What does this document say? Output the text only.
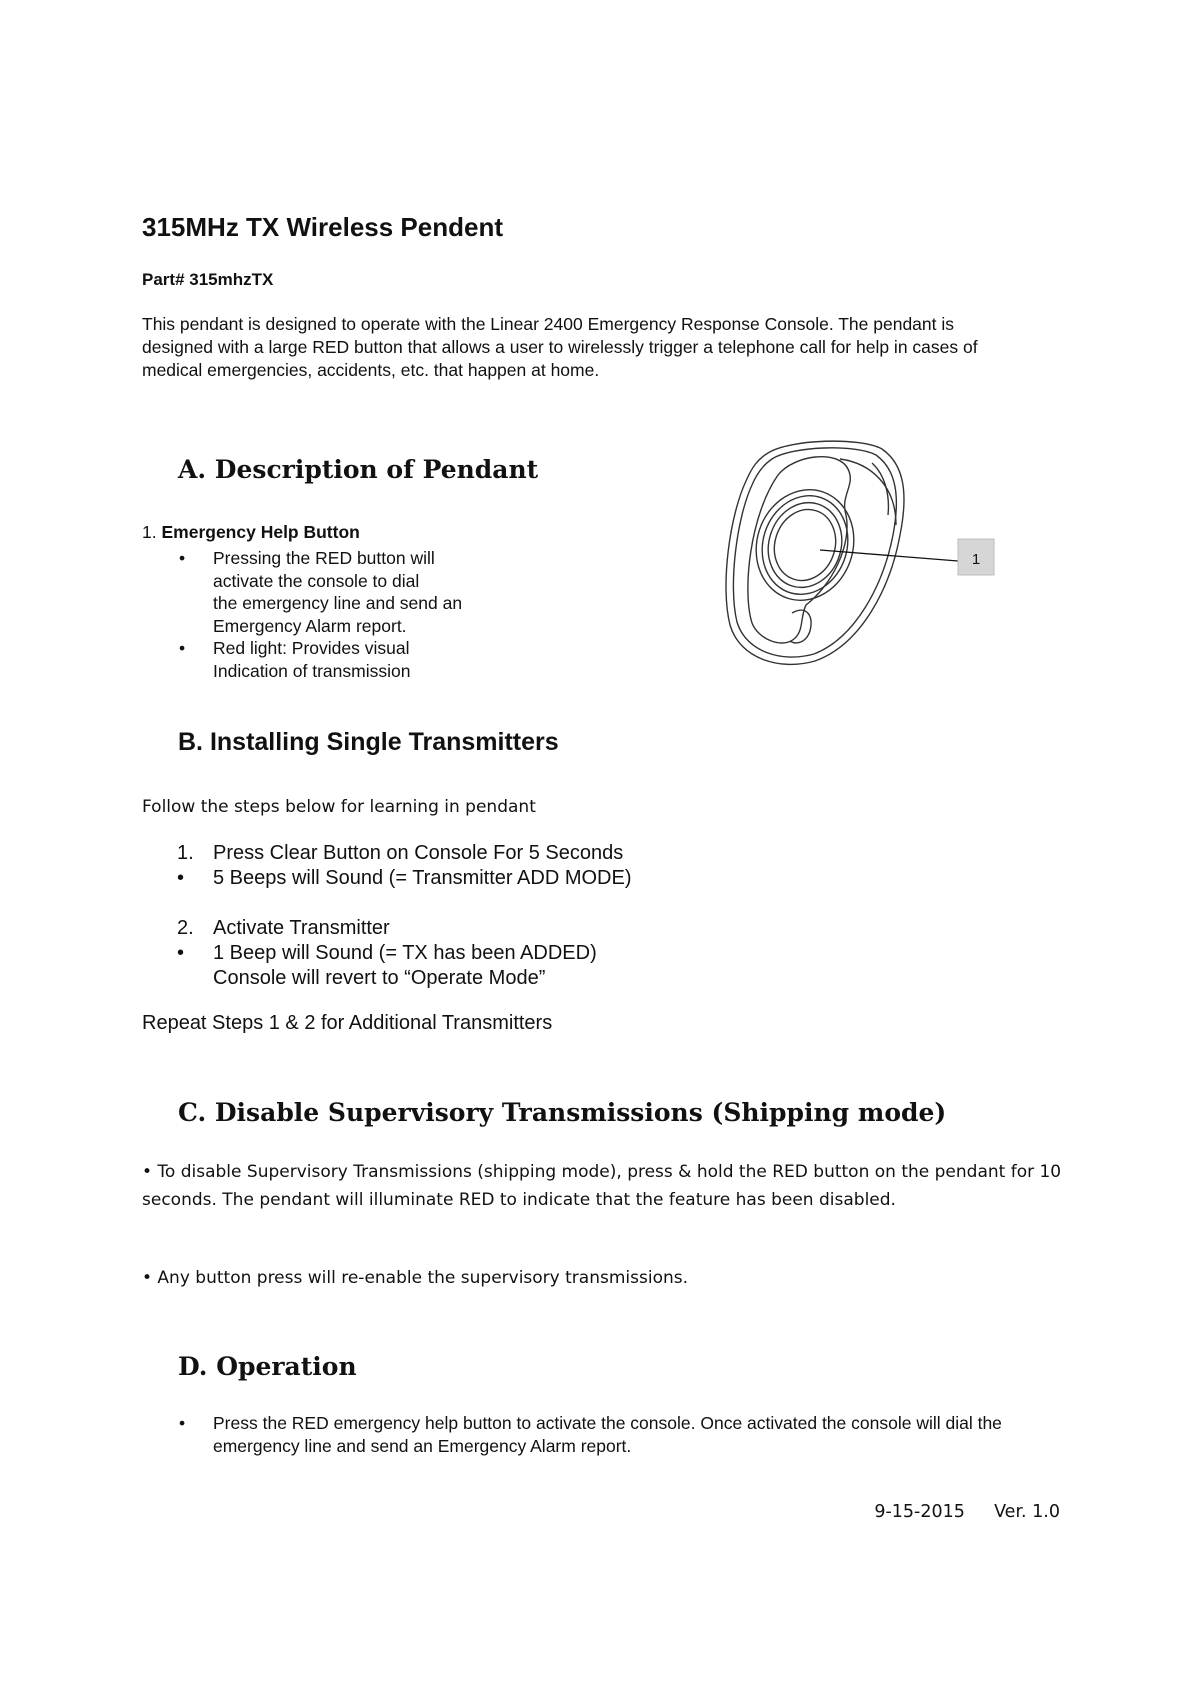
315MHz TX Wireless Pendent
Part# 315mhzTX
This pendant is designed to operate with the Linear 2400 Emergency Response Console. The pendant is designed with a large RED button that allows a user to wirelessly trigger a telephone call for help in cases of medical emergencies, accidents, etc. that happen at home.
A. Description of Pendant
1. Emergency Help Button
• Pressing the RED button will
activate the console to dial
the emergency line and send an
Emergency Alarm report.
• Red light: Provides visual
Indication of transmission
1
B. Installing Single Transmitters
Follow the steps below for learning in pendant
1. Press Clear Button on Console For 5 Seconds
• 5 Beeps will Sound (= Transmitter ADD MODE)
2. Activate Transmitter
• 1 Beep will Sound (= TX has been ADDED)
Console will revert to “Operate Mode”
Repeat Steps 1 & 2 for Additional Transmitters
C. Disable Supervisory Transmissions (Shipping mode)
• To disable Supervisory Transmissions (shipping mode), press & hold the RED button on the pendant for 10 seconds. The pendant will illuminate RED to indicate that the feature has been disabled.
• Any button press will re-enable the supervisory transmissions.
D. Operation
• Press the RED emergency help button to activate the console. Once activated the console will dial the emergency line and send an Emergency Alarm report.
9-15-2015 Ver. 1.0
